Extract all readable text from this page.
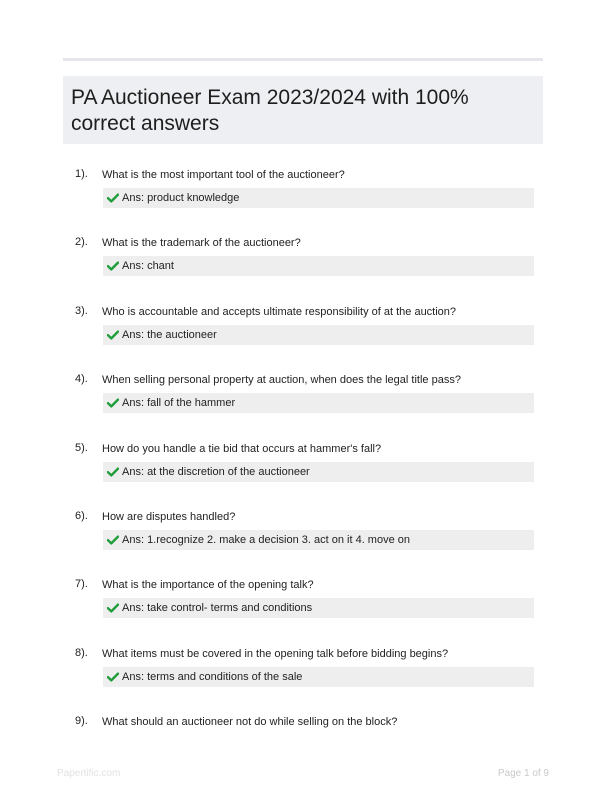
PA Auctioneer Exam 2023/2024 with 100% correct answers
1). What is the most important tool of the auctioneer?
Ans: product knowledge
2). What is the trademark of the auctioneer?
Ans: chant
3). Who is accountable and accepts ultimate responsibility of at the auction?
Ans: the auctioneer
4). When selling personal property at auction, when does the legal title pass?
Ans: fall of the hammer
5). How do you handle a tie bid that occurs at hammer's fall?
Ans: at the discretion of the auctioneer
6). How are disputes handled?
Ans: 1.recognize 2. make a decision 3. act on it 4. move on
7). What is the importance of the opening talk?
Ans: take control- terms and conditions
8). What items must be covered in the opening talk before bidding begins?
Ans: terms and conditions of the sale
9). What should an auctioneer not do while selling on the block?
Papertific.com	Page 1 of 9
